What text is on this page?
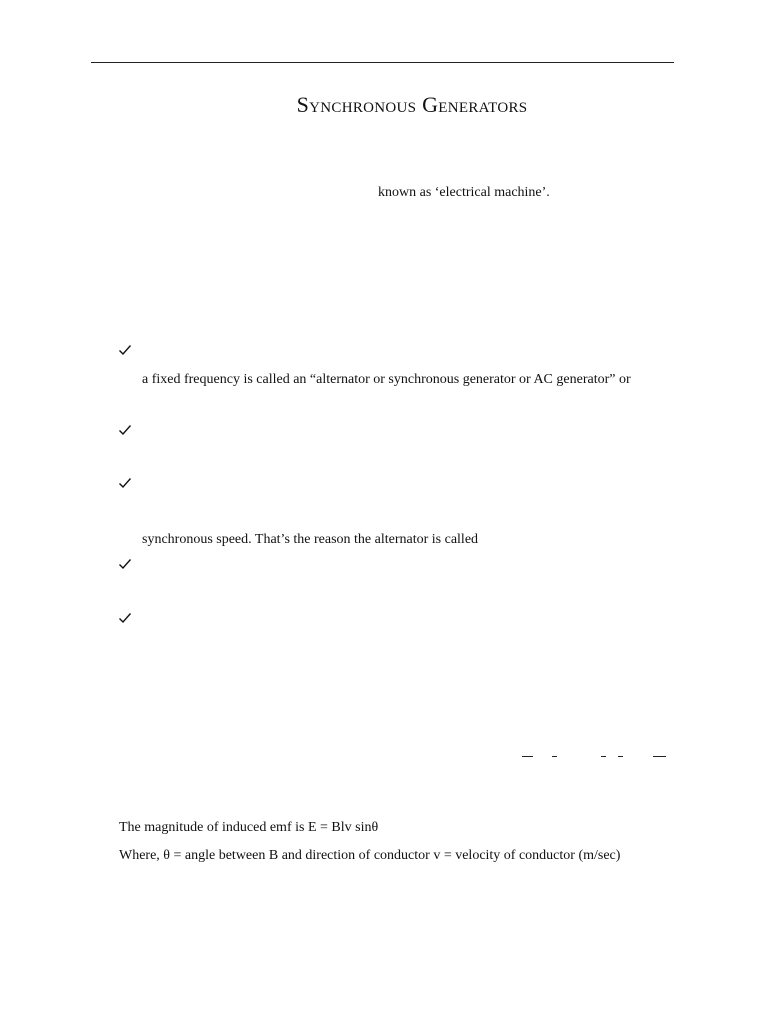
Synchronous Generators
known as ‘electrical machine’.
a fixed frequency is called an “alternator or synchronous generator or AC generator” or
synchronous speed. That’s the reason the alternator is called
The magnitude of induced emf is E = Blv sinθ
Where, θ = angle between B and direction of conductor v = velocity of conductor (m/sec)
